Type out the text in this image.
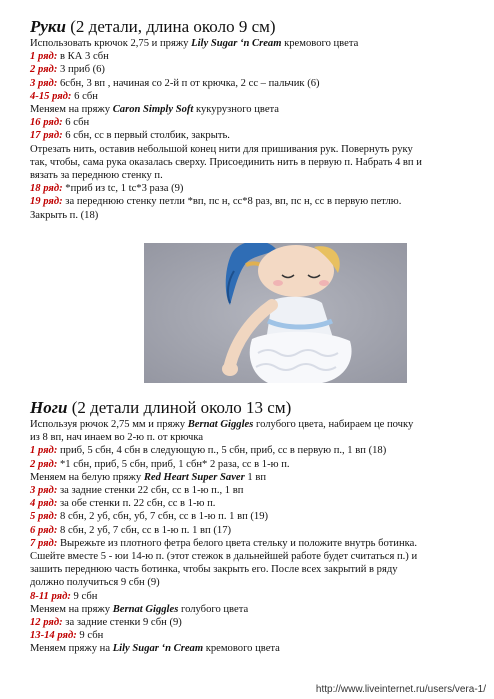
Руки (2 детали, длина около 9 см)
Использовать крючок 2,75 и пряжу Lily Sugar ‘n Cream кремового цвета
1 ряд: в КА 3 сбн
2 ряд: 3 приб (6)
3 ряд: 6сбн, 3 вп , начиная со 2-й п от крючка, 2 сс – пальчик (6)
4-15 ряд: 6 сбн
Меняем на пряжу Caron Simply Soft кукурузного цвета
16 ряд: 6 сбн
17 ряд: 6 сбн, сс в первый столбик, закрыть.
Отрезать нить, оставив небольшой конец нити для пришивания рук. Повернуть руку
так, чтобы, сама рука оказалась сверху. Присоединить нить в первую п. Набрать 4 вп и
вязать за переднюю стенку п.
18 ряд: *приб из tc, 1 tc*3 раза (9)
19 ряд: за переднюю стенку петли *вп, пс н, сс*8 раз, вп, пс н, сс в первую петлю.
Закрыть п. (18)
Ноги (2 детали длиной около 13 см)
Используя рючок 2,75 мм и пряжу Bernat Giggles голубого цвета, набираем це почку
из 8 вп, нач инаем во 2-ю п. от крючка
1 ряд: приб, 5 сбн, 4 сбн в следующую п., 5 сбн, приб, сс в первую п., 1 вп (18)
2 ряд: *1 сбн, приб, 5 сбн, приб, 1 сбн* 2 раза, сс в 1-ю п.
Меняем на белую пряжу Red Heart Super Saver 1 вп
3 ряд: за задние стенки 22 сбн, сс в 1-ю п., 1 вп
4 ряд: за обе стенки п. 22 сбн, сс в 1-ю п.
5 ряд: 8 сбн, 2 уб, сбн, уб, 7 сбн, сс в 1-ю п. 1 вп (19)
6 ряд: 8 сбн, 2 уб, 7 сбн, сс в 1-ю п. 1 вп (17)
7 ряд: Вырежьте из плотного фетра белого цвета стельку и положите внутрь ботинка.
Сшейте вместе 5 - юи 14-ю п. (этот стежок в дальнейшей работе будет считаться п.) и
зашить переднюю часть ботинка, чтобы закрыть его. После всех закрытий в ряду
должно получиться 9 сбн (9)
8-11 ряд: 9 сбн
Меняем на пряжу Bernat Giggles голубого цвета
12 ряд: за задние стенки 9 сбн (9)
13-14 ряд: 9 сбн
Меняем пряжу на Lily Sugar ‘n Cream кремового цвета
http://www.liveinternet.ru/users/vera-1/
